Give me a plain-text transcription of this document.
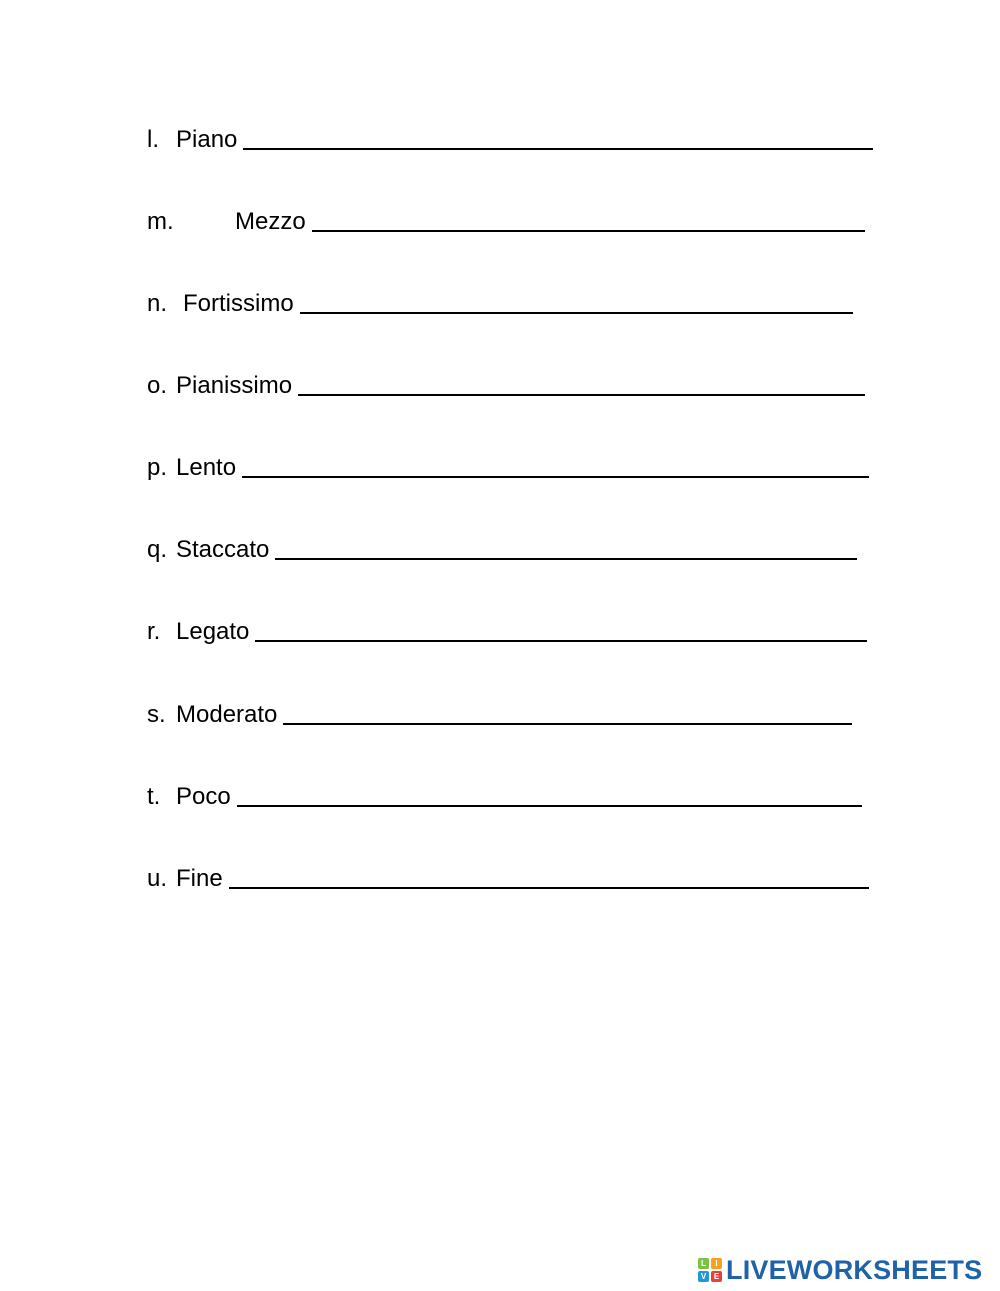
l. Piano
m.	Mezzo
n. Fortissimo
o. Pianissimo
p. Lento
q. Staccato
r. Legato
s. Moderato
t. Poco
u. Fine
L	I
V E LIVEWORKSHEETS
